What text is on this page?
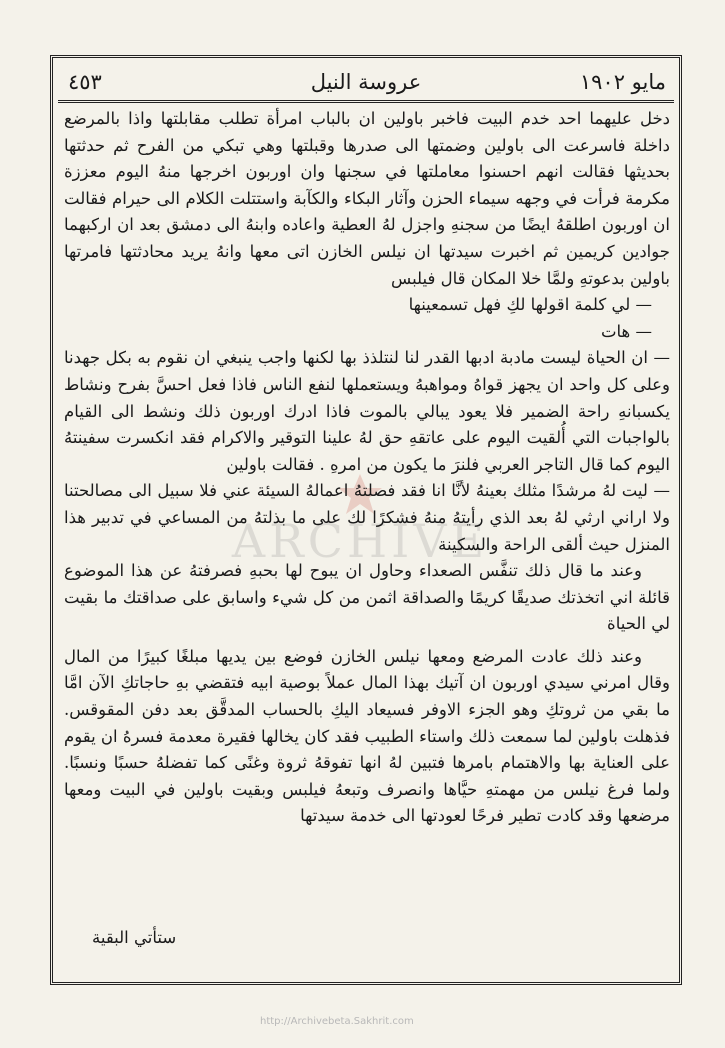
مايو ١٩٠٢
عروسة النيل
٤٥٣
ARCHIVE

دخل عليهما احد خدم البيت فاخبر باولين ان بالباب امرأة تطلب مقابلتها واذا بالمرضع داخلة فاسرعت الى باولين وضمتها الى صدرها وقبلتها وهي تبكي من الفرح ثم حدثتها بحديثها فقالت انهم احسنوا معاملتها في سجنها وان اوربون اخرجها منهُ اليوم معززة مكرمة فرأت في وجهه سيماء الحزن وآثار البكاء والكآبة واستتلت الكلام الى حيرام فقالت ان اوربون اطلقهُ ايضًا من سجنهِ واجزل لهُ العطية واعاده وابنهُ الى دمشق بعد ان اركبهما جوادين كريمين ثم اخبرت سيدتها ان نيلس الخازن اتى معها وانهُ يريد محادثتها فامرتها باولين بدعوتهِ ولمَّا خلا المكان قال فيلبس

— لي كلمة اقولها لكِ فهل تسمعينها

— هات

— ان الحياة ليست مادبة ادبها القدر لنا لنتلذذ بها لكنها واجب ينبغي ان نقوم به بكل جهدنا وعلى كل واحد ان يجهز قواهُ ومواهبهُ ويستعملها لنفع الناس فاذا فعل احسَّ بفرح ونشاط يكسبانهِ راحة الضمير فلا يعود يبالي بالموت فاذا ادرك اوربون ذلك ونشط الى القيام بالواجبات التي أُلقيت اليوم على عاتقهِ حق لهُ علينا التوقير والاكرام فقد انكسرت سفينتهُ اليوم كما قال التاجر العربي فلنرَ ما يكون من امرهِ . فقالت باولين

— ليت لهُ مرشدًا مثلك بعينهُ لأنَّا انا فقد فصلتهُ اعمالهُ السيئة عني فلا سبيل الى مصالحتنا ولا اراني ارثي لهُ بعد الذي رأيتهُ منهُ فشكرًا لك على ما بذلتهُ من المساعي في تدبير هذا المنزل حيث ألقى الراحة والسكينة

وعند ما قال ذلك تنفَّس الصعداء وحاول ان يبوح لها بحبهِ فصرفتهُ عن هذا الموضوع قائلة اني اتخذتك صديقًا كريمًا والصداقة اثمن من كل شيء واسابق على صداقتك ما بقيت لي الحياة

وعند ذلك عادت المرضع ومعها نيلس الخازن فوضع بين يديها مبلغًا كبيرًا من المال وقال امرني سيدي اوربون ان آتيك بهذا المال عملاً بوصية ابيه فتقضي بهِ حاجاتكِ الآن امَّا ما بقي من ثروتكِ وهو الجزء الاوفر فسيعاد اليكِ بالحساب المدقَّق بعد دفن المقوقس. فذهلت باولين لما سمعت ذلك واستاء الطبيب فقد كان يخالها فقيرة معدمة فسرهُ ان يقوم على العناية بها والاهتمام بامرها فتبين لهُ انها تفوقهُ ثروة وغنًى كما تفضلهُ حسبًا ونسبًا. ولما فرغ نيلس من مهمتهِ حيَّاها وانصرف وتبعهُ فيلبس وبقيت باولين في البيت ومعها مرضعها وقد كادت تطير فرحًا لعودتها الى خدمة سيدتها

ستأتي البقية
http://Archivebeta.Sakhrit.com
